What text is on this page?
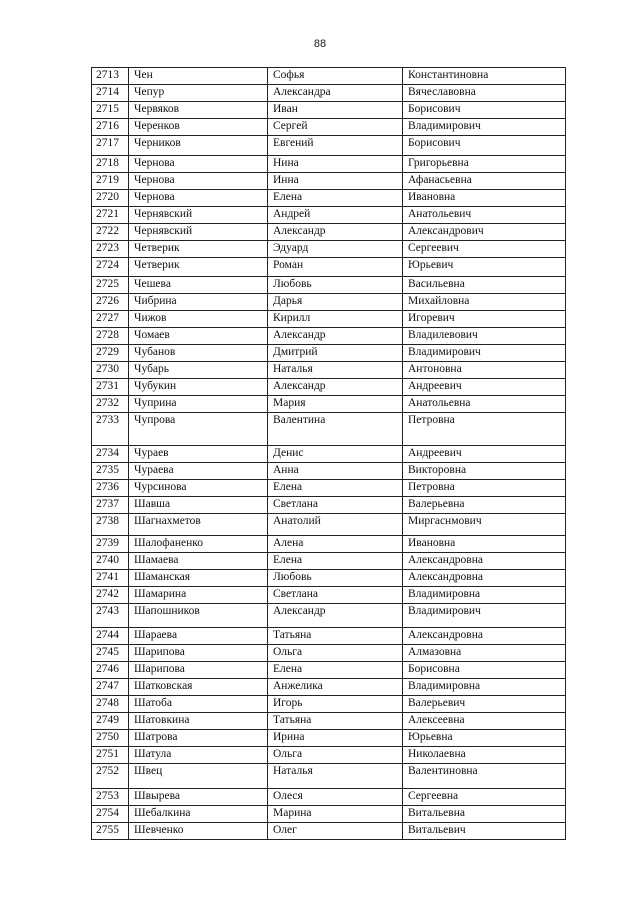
88
2713	Чен	Софья	Константиновна
2714	Чепур	Александра	Вячеславовна
2715	Червяков	Иван	Борисович
2716	Черенков	Сергей	Владимирович
2717	Черников	Евгений	Борисович
2718	Чернова	Нина	Григорьевна
2719	Чернова	Инна	Афанасьевна
2720	Чернова	Елена	Ивановна
2721	Чернявский	Андрей	Анатольевич
2722	Чернявский	Александр	Александрович
2723	Четверик	Эдуард	Сергеевич
2724	Четверик	Роман	Юрьевич
2725	Чешева	Любовь	Васильевна
2726	Чибрина	Дарья	Михайловна
2727	Чижов	Кирилл	Игоревич
2728	Чомаев	Александр	Владилевович
2729	Чубанов	Дмитрий	Владимирович
2730	Чубарь	Наталья	Антоновна
2731	Чубукин	Александр	Андреевич
2732	Чуприна	Мария	Анатольевна
2733	Чупрова	Валентина	Петровна
2734	Чураев	Денис	Андреевич
2735	Чураева	Анна	Викторовна
2736	Чурсинова	Елена	Петровна
2737	Шавша	Светлана	Валерьевна
2738	Шагнахметов	Анатолий	Миргаснмович
2739	Шалофаненко	Алена	Ивановна
2740	Шамаева	Елена	Александровна
2741	Шаманская	Любовь	Александровна
2742	Шамарина	Светлана	Владимировна
2743	Шапошников	Александр	Владимирович
2744	Шараева	Татьяна	Александровна
2745	Шарипова	Ольга	Алмазовна
2746	Шарипова	Елена	Борисовна
2747	Шатковская	Анжелика	Владимировна
2748	Шатоба	Игорь	Валерьевич
2749	Шатовкина	Татьяна	Алексеевна
2750	Шатрова	Ирина	Юрьевна
2751	Шатула	Ольга	Николаевна
2752	Швец	Наталья	Валентиновна
2753	Швырева	Олеся	Сергеевна
2754	Шебалкина	Марина	Витальевна
2755	Шевченко	Олег	Витальевич
